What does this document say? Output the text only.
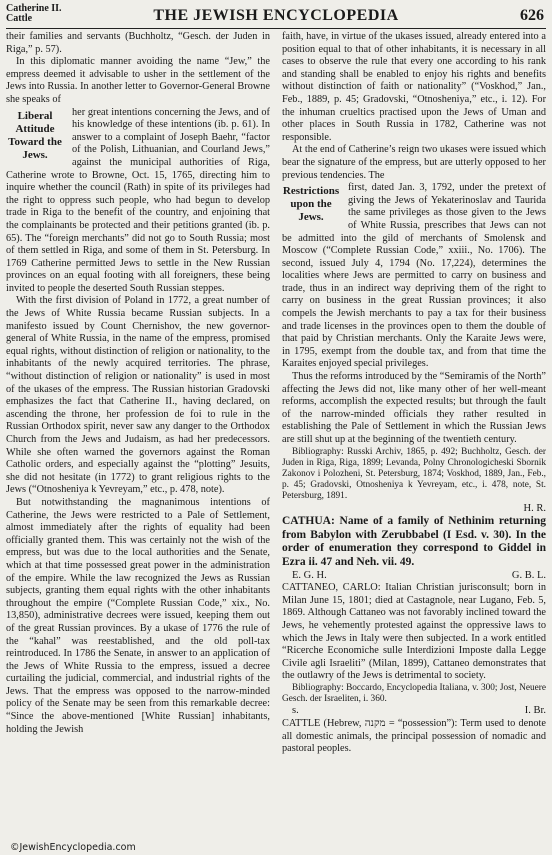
Catherine II.
Cattle	THE JEWISH ENCYCLOPEDIA	626

their families and servants (Buchholtz, “Gesch. der Juden in Riga,” p. 57).

In this diplomatic manner avoiding the name “Jew,” the empress deemed it advisable to usher in the settlement of the Jews into Russia. In another letter to Governor-General Browne she speaks of

Liberal Attitude Toward the Jews.

her great intentions concerning the Jews, and of his knowledge of these intentions (ib. p. 61). In answer to a complaint of Joseph Baehr, “factor of the Polish, Lithuanian, and Courland Jews,” against the municipal authorities of Riga, Catherine wrote to Browne, Oct. 15, 1765, directing him to inquire whether the council (Rath) in spite of its privileges had the right to oppress such people, who had begun to develop trade in Riga to the benefit of the country, and enjoining that the complainants be protected and their petitions granted (ib. p. 65). The “foreign merchants” did not go to South Russia; most of them settled in Riga, and some of them in St. Petersburg. In 1769 Catherine permitted Jews to settle in the New Russian provinces on an equal footing with all foreigners, these being invited to people the deserted South Russian steppes.

With the first division of Poland in 1772, a great number of the Jews of White Russia became Russian subjects. In a manifesto issued by Count Chernishov, the new governor-general of White Russia, in the name of the empress, promised equal rights, without distinction of religion or nationality, to the inhabitants of the newly acquired territories. The phrase, “without distinction of religion or nationality” is used in most of the ukases of the empress. The Russian historian Gradovski emphasizes the fact that Catherine II., having declared, on ascending the throne, her profession de foi to rule in the Russian Orthodox spirit, never saw any danger to the Orthodox Church from the Jews and Judaism, as had her predecessors. While she often warned the governors against the Roman Catholic orders, and especially against the “plotting” Jesuits, she did not hesitate (in 1772) to grant religious rights to the Jews (“Otnosheniya k Yevreyam,” etc., p. 478, note).

But notwithstanding the magnanimous intentions of Catherine, the Jews were restricted to a Pale of Settlement, almost immediately after the rights of equality had been officially granted them. This was certainly not the wish of the empress, but was due to the local authorities and the Senate, which at that time possessed great power in the administration of the empire. While the law recognized the Jews as Russian subjects, granting them equal rights with the other inhabitants throughout the empire (“Complete Russian Code,” xix., No. 13,850), administrative decrees were issued, keeping them out of the great Russian provinces. By a ukase of 1776 the rule of the “kahal” was reestablished, and the old poll-tax reintroduced. In 1786 the Senate, in answer to an application of the Jews of White Russia to the empress, issued a decree curtailing the judicial, commercial, and industrial rights of the Jews. That the empress was opposed to the narrow-minded policy of the Senate may be seen from this remarkable decree: “Since the above-mentioned [White Russian] inhabitants, holding the Jewish

faith, have, in virtue of the ukases issued, already entered into a position equal to that of other inhabitants, it is necessary in all cases to observe the rule that every one according to his rank and standing shall be enabled to enjoy his rights and benefits without distinction of faith or nationality” (“Voskhod,” Jan., Feb., 1889, p. 45; Gradovski, “Otnosheniya,” etc., i. 12). For the inhuman crueltics practised upon the Jews of Uman and other places in South Russia in 1782, Catherine was not responsible.

At the end of Catherine’s reign two ukases were issued which bear the signature of the empress, but are utterly opposed to her previous tendencies. The

Restrictions upon the Jews.

first, dated Jan. 3, 1792, under the pretext of giving the Jews of Yekaterinoslav and Taurida the same privileges as those given to the Jews of White Russia, prescribes that Jews can not be admitted into the gild of merchants of Smolensk and Moscow (“Complete Russian Code,” xxiii., No. 1706). The second, issued July 4, 1794 (No. 17,224), determines the localities where Jews are permitted to carry on business and trade, thus in an indirect way depriving them of the right to carry on business in the great Russian provinces; it also compels the Jewish merchants to pay a tax for their business and trade licenses in the provinces open to them the double of that paid by Christian merchants. Only the Karaite Jews were, in 1795, exempt from the double tax, and from that time the Karaites enjoyed special privileges.

Thus the reforms introduced by the “Semiramis of the North” affecting the Jews did not, like many other of her well-meant reforms, accomplish the expected results; but through the fault of the narrow-minded officials they rather resulted in establishing the Pale of Settlement in which the Russian Jews are still shut up at the beginning of the twentieth century.

Bibliography: Russki Archiv, 1865, p. 492; Buchholtz, Gesch. der Juden in Riga, Riga, 1899; Levanda, Polny Chronologicheski Sbornik Zakonov i Polozheni, St. Petersburg, 1874; Voskhod, 1889, Jan., Feb., p. 45; Gradovski, Otnosheniya k Yevreyam, etc., i. 478, note, St. Petersburg, 1891.

H. R.

CATHUA: Name of a family of Nethinim returning from Babylon with Zerubbabel (I Esd. v. 30). In the order of enumeration they correspond to Giddel in Ezra ii. 47 and Neh. vii. 49.

E. G. H.	G. B. L.

CATTANEO, CARLO: Italian Christian jurisconsult; born in Milan June 15, 1801; died at Castagnole, near Lugano, Feb. 5, 1869. Although Cattaneo was not favorably inclined toward the Jews, he vehemently protested against the oppressive laws to which the Jews in Italy were then subjected. In a work entitled “Ricerche Economiche sulle Interdizioni Imposte dalla Legge Civile agli Israeliti” (Milan, 1899), Cattaneo demonstrates that the outlawry of the Jews is detrimental to society.

Bibliography: Boccardo, Encyclopedia Italiana, v. 300; Jost, Neuere Gesch. der Israeliten, i. 360.

s.	I. Br.

CATTLE (Hebrew, מקנה = “possession”): Term used to denote all domestic animals, the principal possession of nomadic and pastoral peoples.

©JewishEncyclopedia.com
